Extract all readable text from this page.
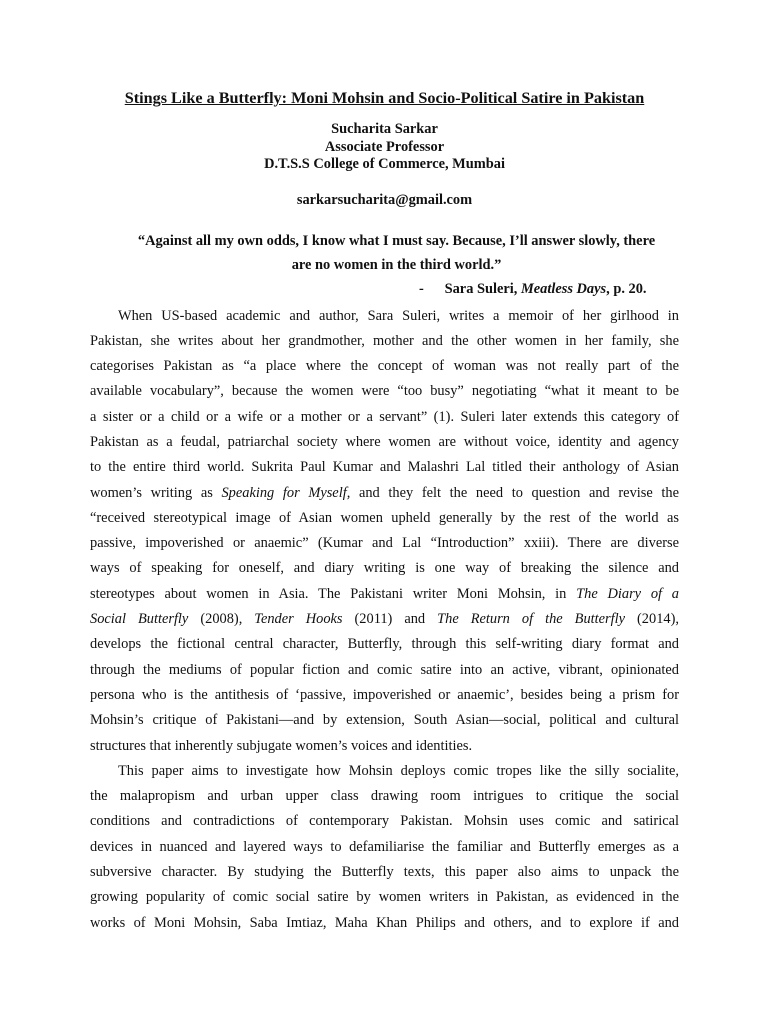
Stings Like a Butterfly: Moni Mohsin and Socio-Political Satire in Pakistan
Sucharita Sarkar
Associate Professor
D.T.S.S College of Commerce, Mumbai
sarkarsucharita@gmail.com
“Against all my own odds, I know what I must say. Because, I’ll answer slowly, there
are no women in the third world.”
- Sara Suleri, Meatless Days, p. 20.
When US-based academic and author, Sara Suleri, writes a memoir of her girlhood in
Pakistan, she writes about her grandmother, mother and the other women in her family, she
categorises Pakistan as “a place where the concept of woman was not really part of the
available vocabulary”, because the women were “too busy” negotiating “what it meant to be
a sister or a child or a wife or a mother or a servant” (1). Suleri later extends this category of
Pakistan as a feudal, patriarchal society where women are without voice, identity and agency
to the entire third world. Sukrita Paul Kumar and Malashri Lal titled their anthology of Asian
women’s writing as Speaking for Myself, and they felt the need to question and revise the
“received stereotypical image of Asian women upheld generally by the rest of the world as
passive, impoverished or anaemic” (Kumar and Lal “Introduction” xxiii). There are diverse
ways of speaking for oneself, and diary writing is one way of breaking the silence and
stereotypes about women in Asia. The Pakistani writer Moni Mohsin, in The Diary of a
Social Butterfly (2008), Tender Hooks (2011) and The Return of the Butterfly (2014),
develops the fictional central character, Butterfly, through this self-writing diary format and
through the mediums of popular fiction and comic satire into an active, vibrant, opinionated
persona who is the antithesis of ‘passive, impoverished or anaemic’, besides being a prism for
Mohsin’s critique of Pakistani—and by extension, South Asian—social, political and cultural
structures that inherently subjugate women’s voices and identities.
This paper aims to investigate how Mohsin deploys comic tropes like the silly socialite,
the malapropism and urban upper class drawing room intrigues to critique the social
conditions and contradictions of contemporary Pakistan. Mohsin uses comic and satirical
devices in nuanced and layered ways to defamiliarise the familiar and Butterfly emerges as a
subversive character. By studying the Butterfly texts, this paper also aims to unpack the
growing popularity of comic social satire by women writers in Pakistan, as evidenced in the
works of Moni Mohsin, Saba Imtiaz, Maha Khan Philips and others, and to explore if and
